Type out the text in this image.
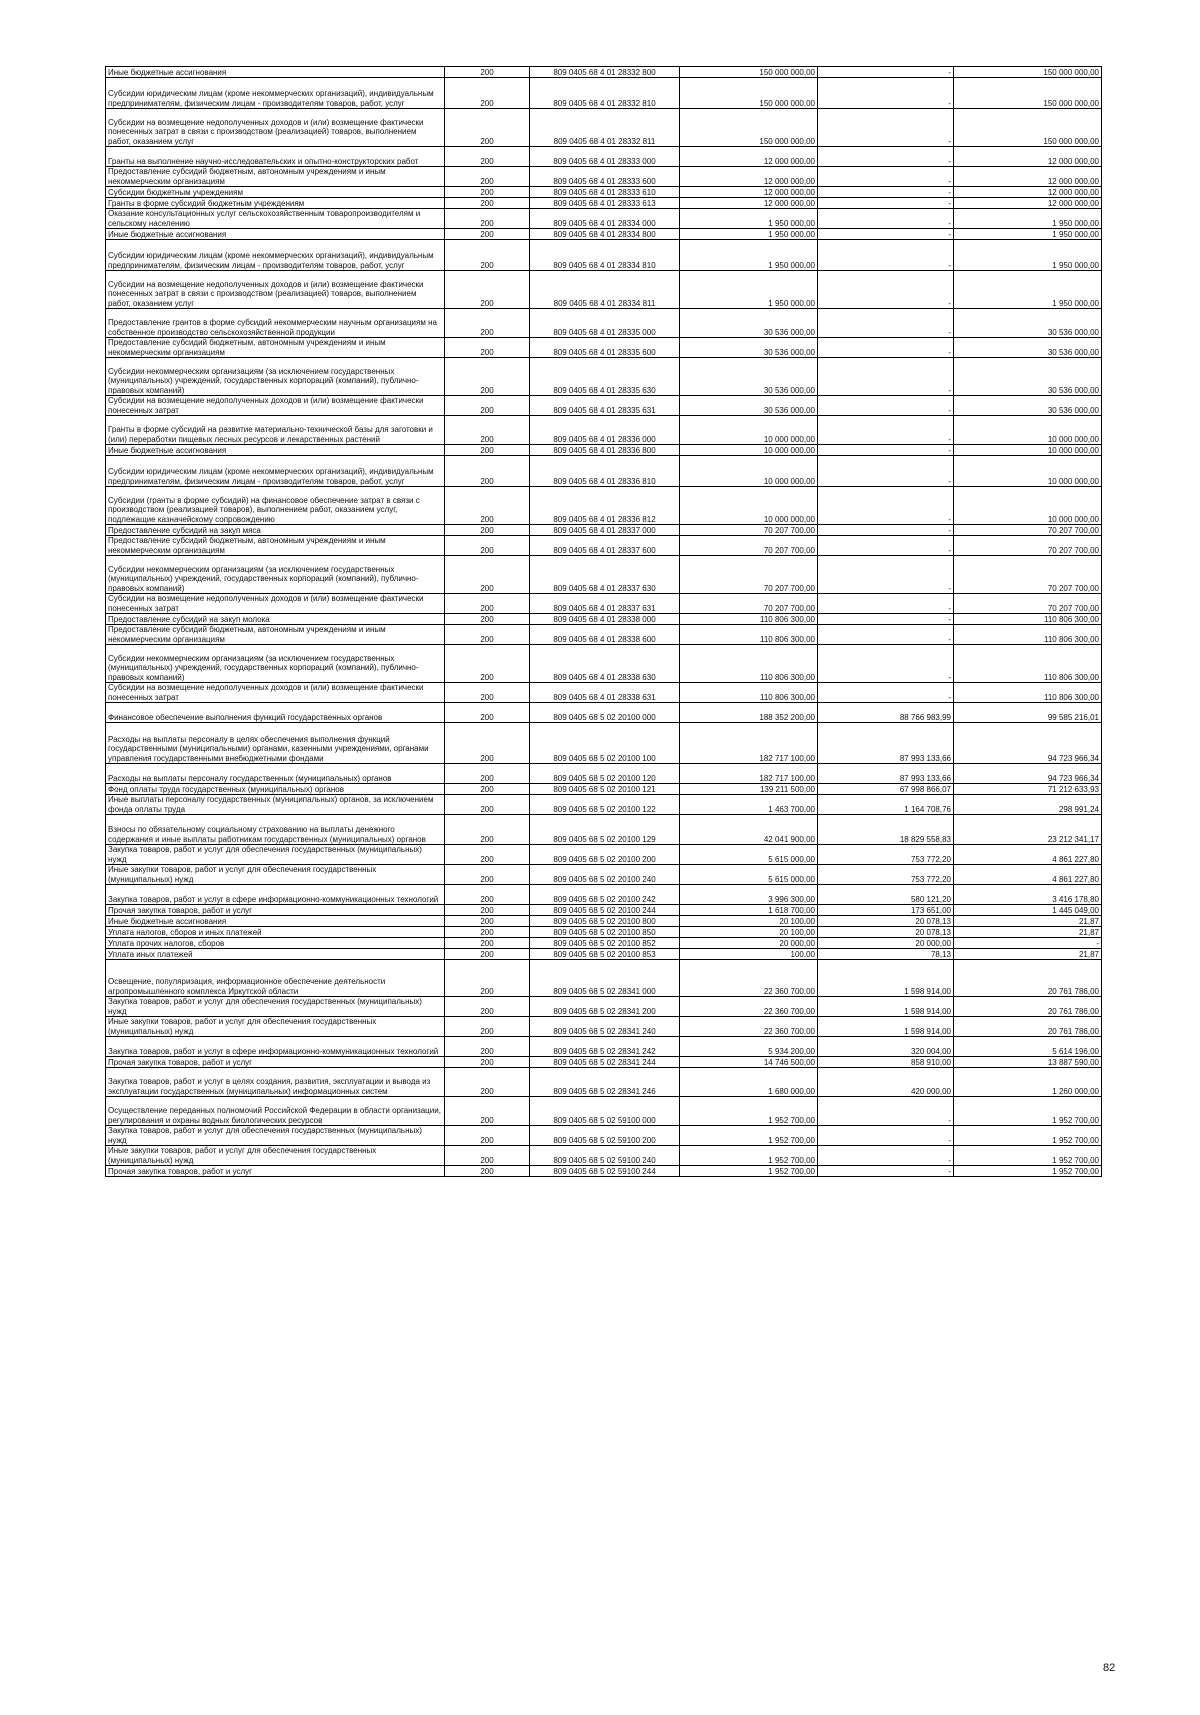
Иные бюджетные ассигнования	200	809 0405 68 4 01 28332 800	150 000 000,00	-	150 000 000,00
Субсидии юридическим лицам (кроме некоммерческих организаций), индивидуальным предпринимателям, физическим лицам - производителям товаров, работ, услуг	200	809 0405 68 4 01 28332 810	150 000 000,00	-	150 000 000,00
Субсидии на возмещение недополученных доходов и (или) возмещение фактически понесенных затрат в связи с производством (реализацией) товаров, выполнением работ, оказанием услуг	200	809 0405 68 4 01 28332 811	150 000 000,00	-	150 000 000,00
Гранты на выполнение научно-исследовательских и опытно-конструкторских работ	200	809 0405 68 4 01 28333 000	12 000 000,00	-	12 000 000,00
Предоставление субсидий бюджетным, автономным учреждениям и иным некоммерческим организациям	200	809 0405 68 4 01 28333 600	12 000 000,00	-	12 000 000,00
Субсидии бюджетным учреждениям	200	809 0405 68 4 01 28333 610	12 000 000,00	-	12 000 000,00
Гранты в форме субсидий бюджетным учреждениям	200	809 0405 68 4 01 28333 613	12 000 000,00	-	12 000 000,00
Оказание консультационных услуг сельскохозяйственным товаропроизводителям и сельскому населению	200	809 0405 68 4 01 28334 000	1 950 000,00	-	1 950 000,00
Иные бюджетные ассигнования	200	809 0405 68 4 01 28334 800	1 950 000,00	-	1 950 000,00
Субсидии юридическим лицам (кроме некоммерческих организаций), индивидуальным предпринимателям, физическим лицам - производителям товаров, работ, услуг	200	809 0405 68 4 01 28334 810	1 950 000,00	-	1 950 000,00
Субсидии на возмещение недополученных доходов и (или) возмещение фактически понесенных затрат в связи с производством (реализацией) товаров, выполнением работ, оказанием услуг	200	809 0405 68 4 01 28334 811	1 950 000,00	-	1 950 000,00
Предоставление грантов в форме субсидий некоммерческим научным организациям на собственное производство сельскохозяйственной продукции	200	809 0405 68 4 01 28335 000	30 536 000,00	-	30 536 000,00
Предоставление субсидий бюджетным, автономным учреждениям и иным некоммерческим организациям	200	809 0405 68 4 01 28335 600	30 536 000,00	-	30 536 000,00
Субсидии некоммерческим организациям (за исключением государственных (муниципальных) учреждений, государственных корпораций (компаний), публично-правовых компаний)	200	809 0405 68 4 01 28335 630	30 536 000,00	-	30 536 000,00
Субсидии на возмещение недополученных доходов и (или) возмещение фактически понесенных затрат	200	809 0405 68 4 01 28335 631	30 536 000,00	-	30 536 000,00
Гранты в форме субсидий на развитие материально-технической базы для заготовки и (или) переработки пищевых лесных ресурсов и лекарственных растений	200	809 0405 68 4 01 28336 000	10 000 000,00	-	10 000 000,00
Иные бюджетные ассигнования	200	809 0405 68 4 01 28336 800	10 000 000,00	-	10 000 000,00
Субсидии юридическим лицам (кроме некоммерческих организаций), индивидуальным предпринимателям, физическим лицам - производителям товаров, работ, услуг	200	809 0405 68 4 01 28336 810	10 000 000,00	-	10 000 000,00
Субсидии (гранты в форме субсидий) на финансовое обеспечение затрат в связи с производством (реализацией товаров), выполнением работ, оказанием услуг, подлежащие казначейскому сопровождению	200	809 0405 68 4 01 28336 812	10 000 000,00	-	10 000 000,00
Предоставление субсидий на закуп мяса	200	809 0405 68 4 01 28337 000	70 207 700,00	-	70 207 700,00
Предоставление субсидий бюджетным, автономным учреждениям и иным некоммерческим организациям	200	809 0405 68 4 01 28337 600	70 207 700,00	-	70 207 700,00
Субсидии некоммерческим организациям (за исключением государственных (муниципальных) учреждений, государственных корпораций (компаний), публично-правовых компаний)	200	809 0405 68 4 01 28337 630	70 207 700,00	-	70 207 700,00
Субсидии на возмещение недополученных доходов и (или) возмещение фактически понесенных затрат	200	809 0405 68 4 01 28337 631	70 207 700,00	-	70 207 700,00
Предоставление субсидий на закуп молока	200	809 0405 68 4 01 28338 000	110 806 300,00	-	110 806 300,00
Предоставление субсидий бюджетным, автономным учреждениям и иным некоммерческим организациям	200	809 0405 68 4 01 28338 600	110 806 300,00	-	110 806 300,00
Субсидии некоммерческим организациям (за исключением государственных (муниципальных) учреждений, государственных корпораций (компаний), публично-правовых компаний)	200	809 0405 68 4 01 28338 630	110 806 300,00	-	110 806 300,00
Субсидии на возмещение недополученных доходов и (или) возмещение фактически понесенных затрат	200	809 0405 68 4 01 28338 631	110 806 300,00	-	110 806 300,00
Финансовое обеспечение выполнения функций государственных органов	200	809 0405 68 5 02 20100 000	188 352 200,00	88 766 983,99	99 585 216,01
Расходы на выплаты персоналу в целях обеспечения выполнения функций государственными (муниципальными) органами, казенными учреждениями, органами управления государственными внебюджетными фондами	200	809 0405 68 5 02 20100 100	182 717 100,00	87 993 133,66	94 723 966,34
Расходы на выплаты персоналу государственных (муниципальных) органов	200	809 0405 68 5 02 20100 120	182 717 100,00	87 993 133,66	94 723 966,34
Фонд оплаты труда государственных (муниципальных) органов	200	809 0405 68 5 02 20100 121	139 211 500,00	67 998 866,07	71 212 633,93
Иные выплаты персоналу государственных (муниципальных) органов, за исключением фонда оплаты труда	200	809 0405 68 5 02 20100 122	1 463 700,00	1 164 708,76	298 991,24
Взносы по обязательному социальному страхованию на выплаты денежного содержания и иные выплаты работникам государственных (муниципальных) органов	200	809 0405 68 5 02 20100 129	42 041 900,00	18 829 558,83	23 212 341,17
Закупка товаров, работ и услуг для обеспечения государственных (муниципальных) нужд	200	809 0405 68 5 02 20100 200	5 615 000,00	753 772,20	4 861 227,80
Иные закупки товаров, работ и услуг для обеспечения государственных (муниципальных) нужд	200	809 0405 68 5 02 20100 240	5 615 000,00	753 772,20	4 861 227,80
Закупка товаров, работ и услуг в сфере информационно-коммуникационных технологий	200	809 0405 68 5 02 20100 242	3 996 300,00	580 121,20	3 416 178,80
Прочая закупка товаров, работ и услуг	200	809 0405 68 5 02 20100 244	1 618 700,00	173 651,00	1 445 049,00
Иные бюджетные ассигнования	200	809 0405 68 5 02 20100 800	20 100,00	20 078,13	21,87
Уплата налогов, сборов и иных платежей	200	809 0405 68 5 02 20100 850	20 100,00	20 078,13	21,87
Уплата прочих налогов, сборов	200	809 0405 68 5 02 20100 852	20 000,00	20 000,00	-
Уплата иных платежей	200	809 0405 68 5 02 20100 853	100,00	78,13	21,87
Освещение, популяризация, информационное обеспечение деятельности агропромышленного комплекса Иркутской области	200	809 0405 68 5 02 28341 000	22 360 700,00	1 598 914,00	20 761 786,00
Закупка товаров, работ и услуг для обеспечения государственных (муниципальных) нужд	200	809 0405 68 5 02 28341 200	22 360 700,00	1 598 914,00	20 761 786,00
Иные закупки товаров, работ и услуг для обеспечения государственных (муниципальных) нужд	200	809 0405 68 5 02 28341 240	22 360 700,00	1 598 914,00	20 761 786,00
Закупка товаров, работ и услуг в сфере информационно-коммуникационных технологий	200	809 0405 68 5 02 28341 242	5 934 200,00	320 004,00	5 614 196,00
Прочая закупка товаров, работ и услуг	200	809 0405 68 5 02 28341 244	14 746 500,00	858 910,00	13 887 590,00
Закупка товаров, работ и услуг в целях создания, развития, эксплуатации и вывода из эксплуатации государственных (муниципальных) информационных систем	200	809 0405 68 5 02 28341 246	1 680 000,00	420 000,00	1 260 000,00
Осуществление переданных полномочий Российской Федерации в области организации, регулирования и охраны водных биологических ресурсов	200	809 0405 68 5 02 59100 000	1 952 700,00	-	1 952 700,00
Закупка товаров, работ и услуг для обеспечения государственных (муниципальных) нужд	200	809 0405 68 5 02 59100 200	1 952 700,00	-	1 952 700,00
Иные закупки товаров, работ и услуг для обеспечения государственных (муниципальных) нужд	200	809 0405 68 5 02 59100 240	1 952 700,00	-	1 952 700,00
Прочая закупка товаров, работ и услуг	200	809 0405 68 5 02 59100 244	1 952 700,00	-	1 952 700,00
82
